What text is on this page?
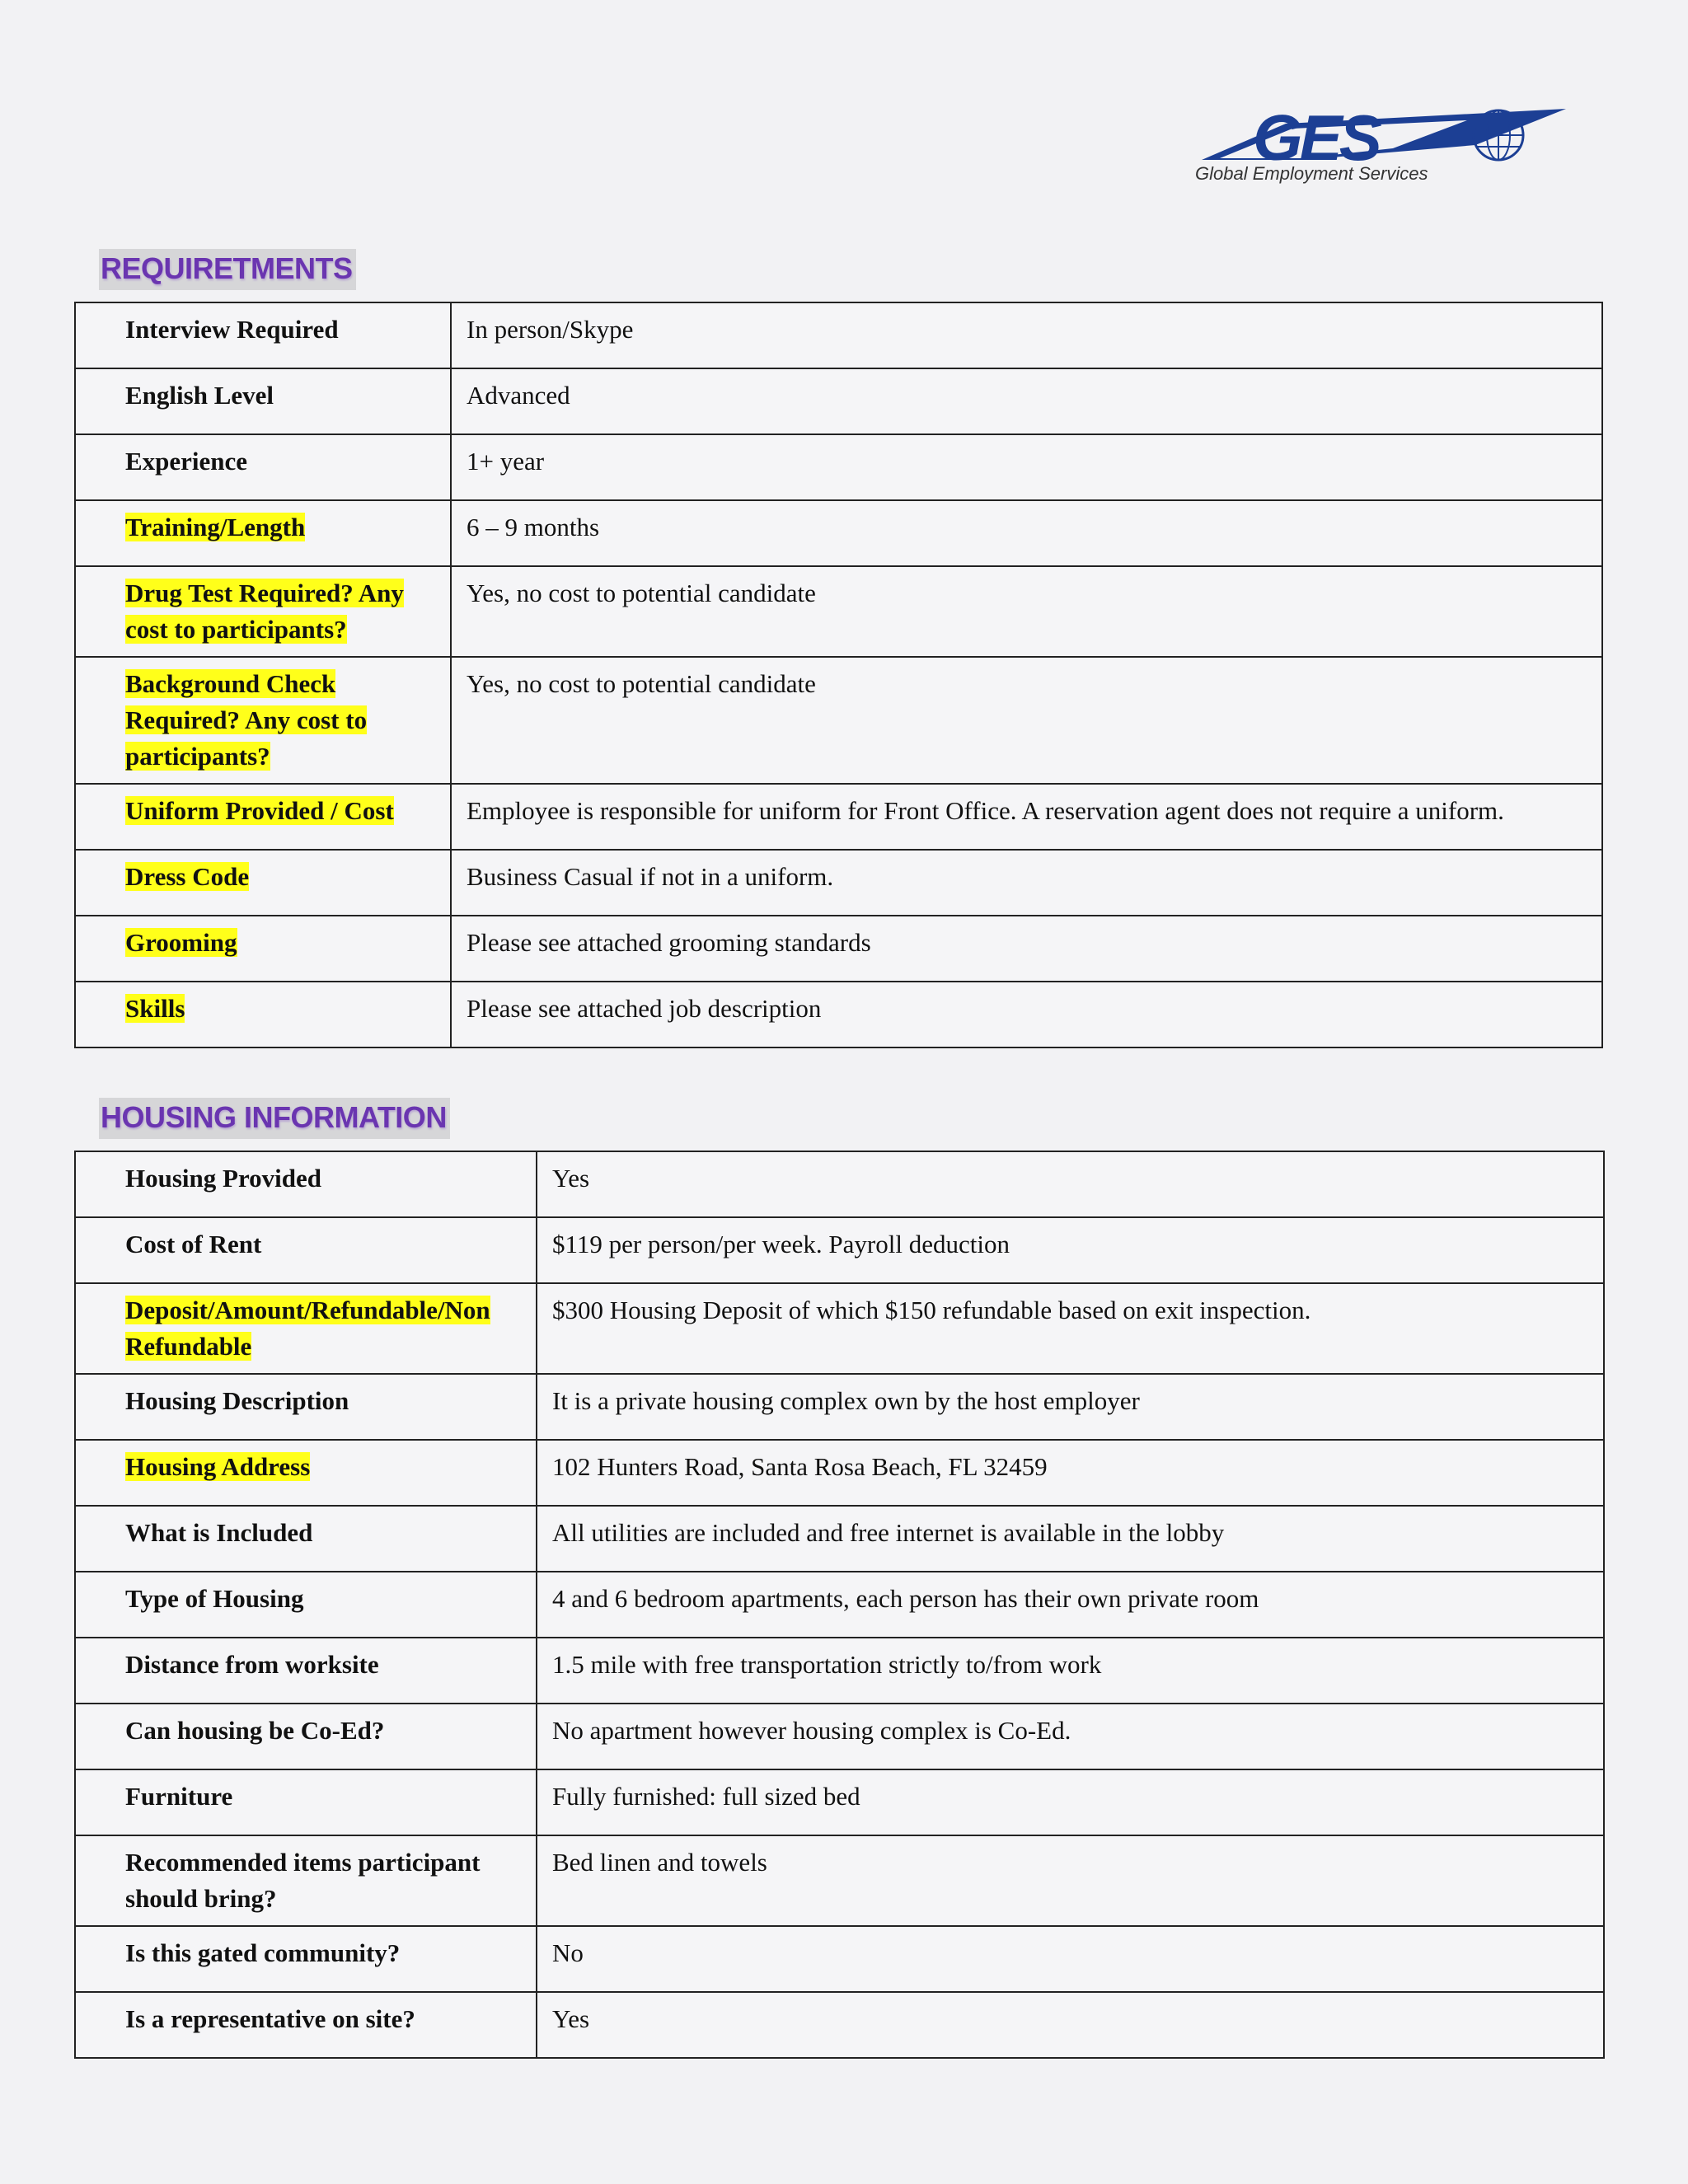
GES
Global Employment Services
REQUIRETMENTS
Interview Required	In person/Skype
English Level	Advanced
Experience	1+ year
Training/Length	6 – 9 months
Drug Test Required? Any cost to participants?	Yes, no cost to potential candidate
Background Check Required? Any cost to participants?	Yes, no cost to potential candidate
Uniform Provided / Cost	Employee is responsible for uniform for Front Office. A reservation agent does not require a uniform.
Dress Code	Business Casual if not in a uniform.
Grooming	Please see attached grooming standards
Skills	Please see attached job description
HOUSING INFORMATION
Housing Provided	Yes
Cost of Rent	$119 per person/per week. Payroll deduction
Deposit/Amount/Refundable/Non Refundable	$300 Housing Deposit of which $150 refundable based on exit inspection.
Housing Description	It is a private housing complex own by the host employer
Housing Address	102 Hunters Road, Santa Rosa Beach, FL 32459
What is Included	All utilities are included and free internet is available in the lobby
Type of Housing	4 and 6 bedroom apartments, each person has their own private room
Distance from worksite	1.5 mile with free transportation strictly to/from work
Can housing be Co-Ed?	No apartment however housing complex is Co-Ed.
Furniture	Fully furnished: full sized bed
Recommended items participant should bring?	Bed linen and towels
Is this gated community?	No
Is a representative on site?	Yes
